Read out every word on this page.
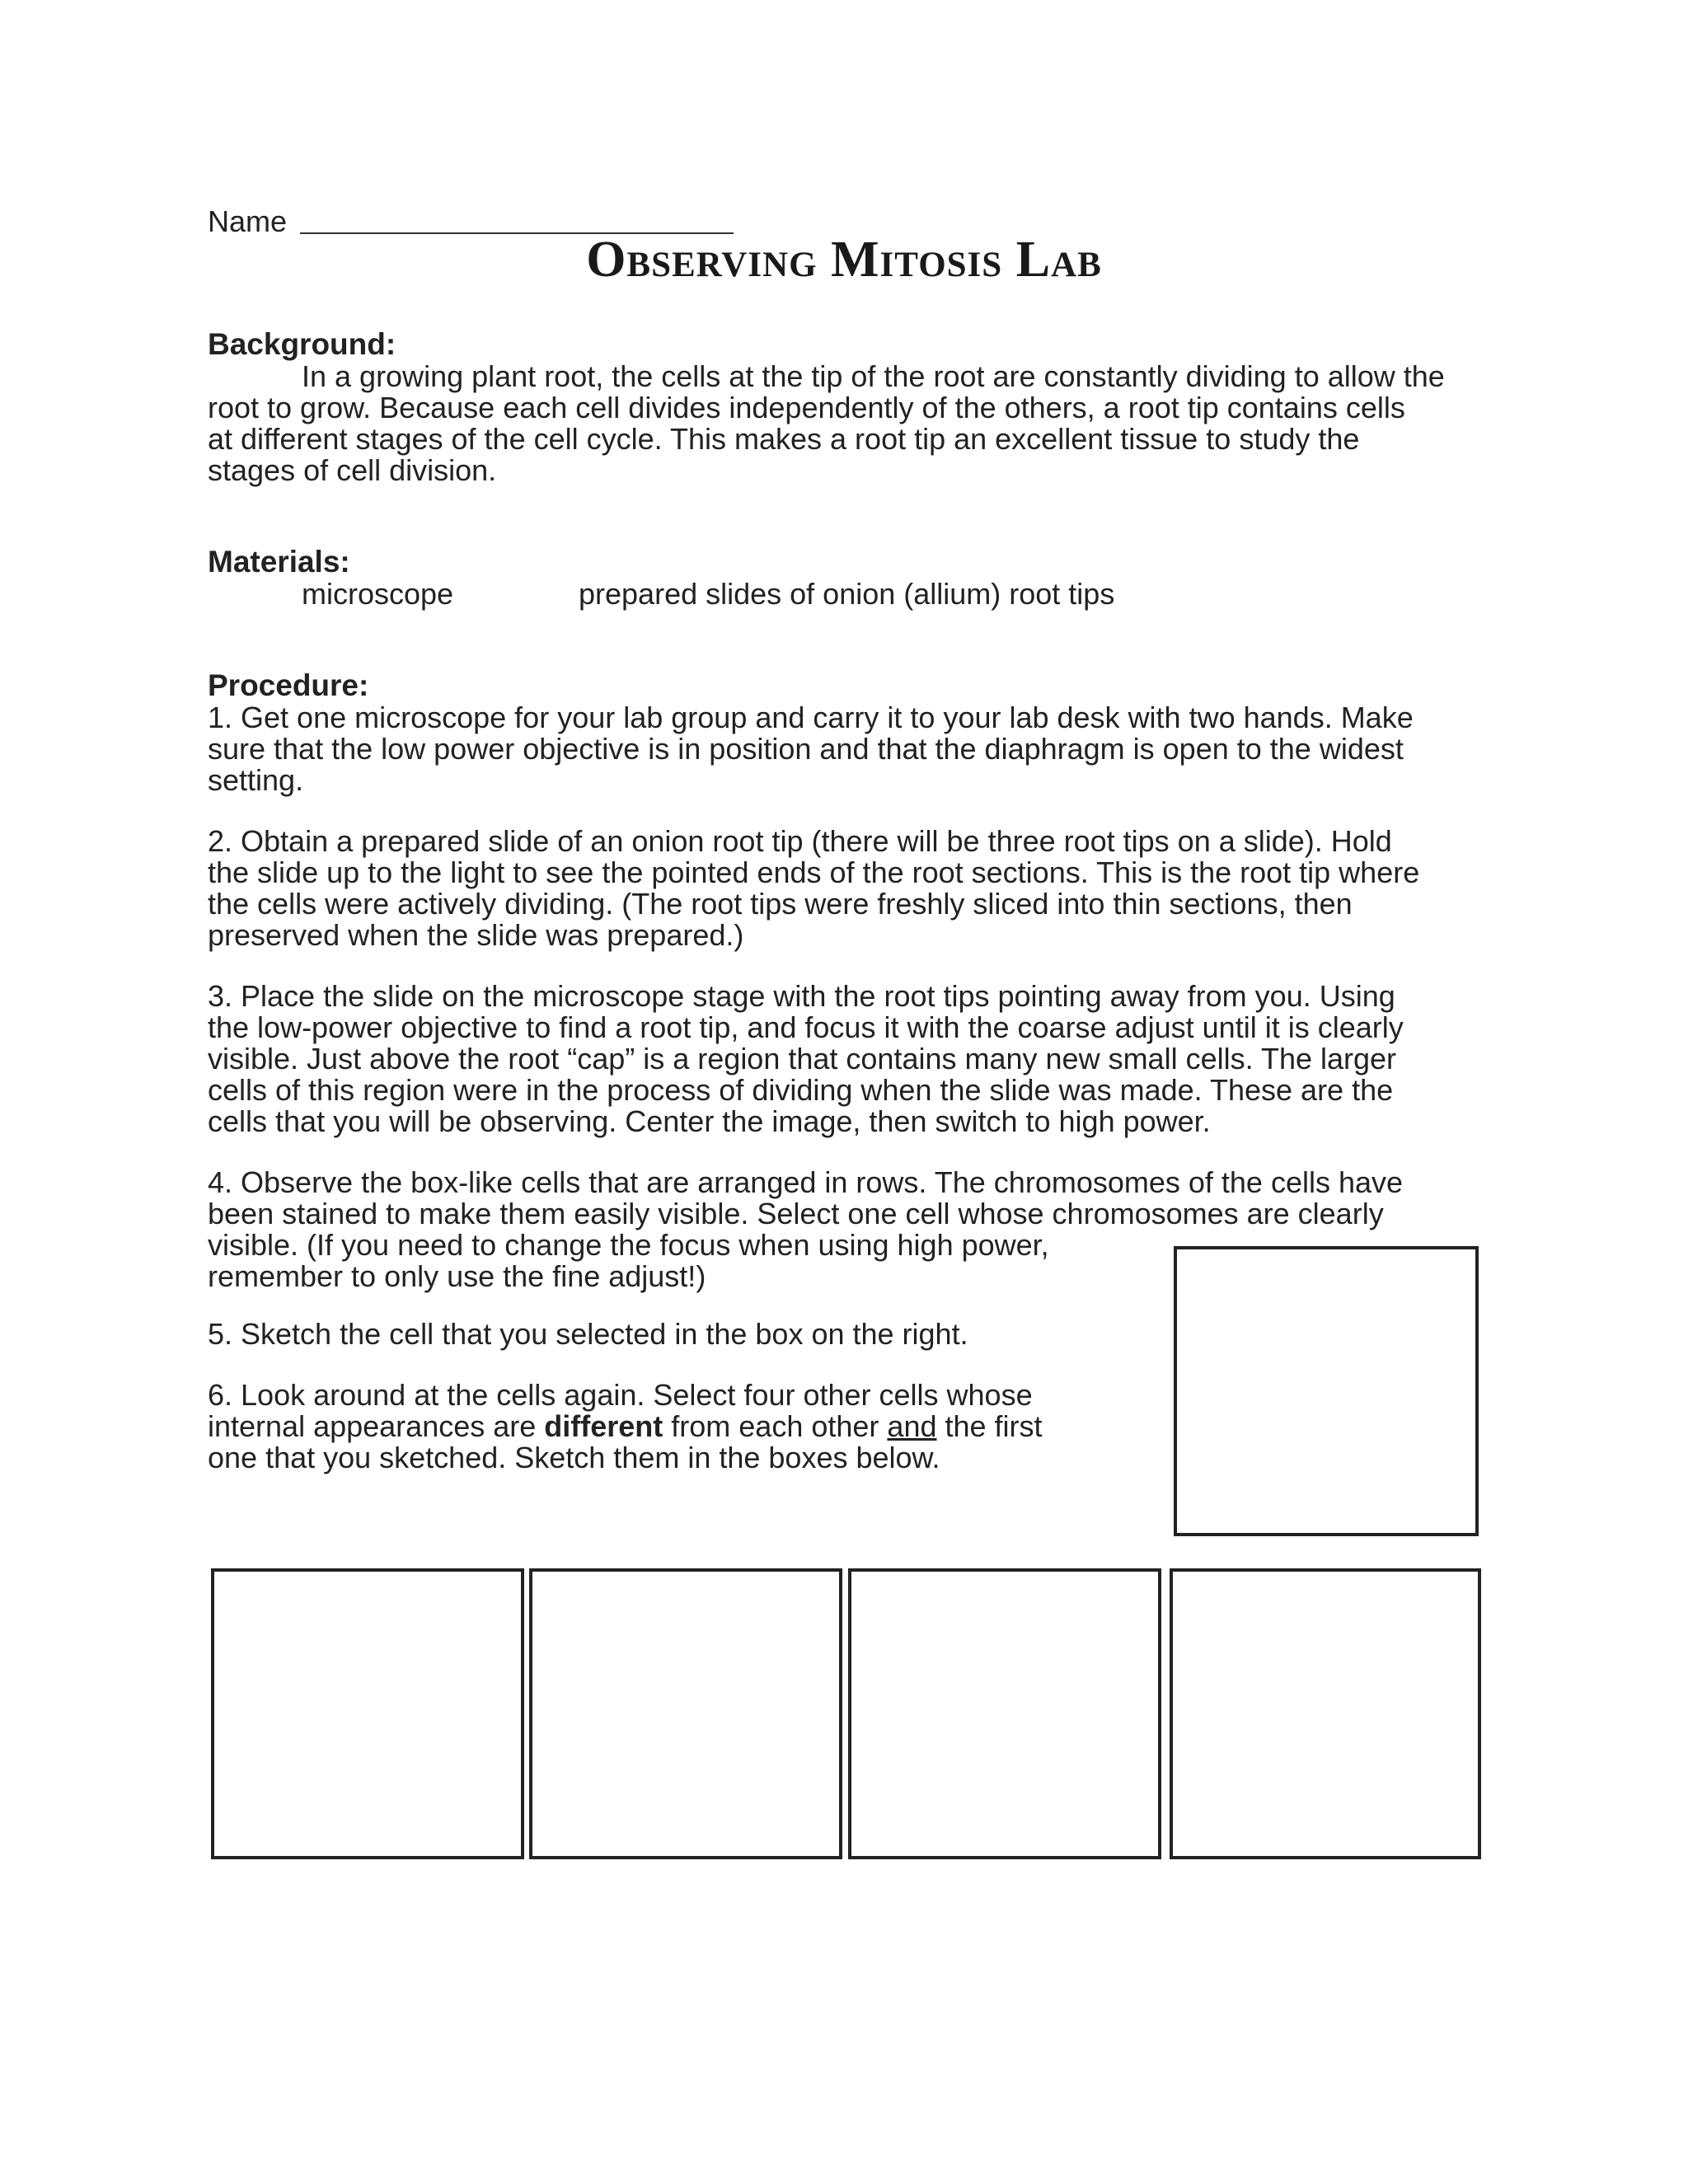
Name
Observing Mitosis Lab
Background:
In a growing plant root, the cells at the tip of the root are constantly dividing to allow the
root to grow. Because each cell divides independently of the others, a root tip contains cells
at different stages of the cell cycle. This makes a root tip an excellent tissue to study the
stages of cell division.
Materials:
microscope	prepared slides of onion (allium) root tips
Procedure:
1. Get one microscope for your lab group and carry it to your lab desk with two hands. Make
sure that the low power objective is in position and that the diaphragm is open to the widest
setting.
2. Obtain a prepared slide of an onion root tip (there will be three root tips on a slide). Hold
the slide up to the light to see the pointed ends of the root sections. This is the root tip where
the cells were actively dividing. (The root tips were freshly sliced into thin sections, then
preserved when the slide was prepared.)
3. Place the slide on the microscope stage with the root tips pointing away from you. Using
the low-power objective to find a root tip, and focus it with the coarse adjust until it is clearly
visible. Just above the root “cap” is a region that contains many new small cells. The larger
cells of this region were in the process of dividing when the slide was made. These are the
cells that you will be observing. Center the image, then switch to high power.
4. Observe the box-like cells that are arranged in rows. The chromosomes of the cells have
been stained to make them easily visible. Select one cell whose chromosomes are clearly
visible. (If you need to change the focus when using high power,
remember to only use the fine adjust!)
5. Sketch the cell that you selected in the box on the right.
6. Look around at the cells again. Select four other cells whose
internal appearances are different from each other and the first
one that you sketched. Sketch them in the boxes below.
